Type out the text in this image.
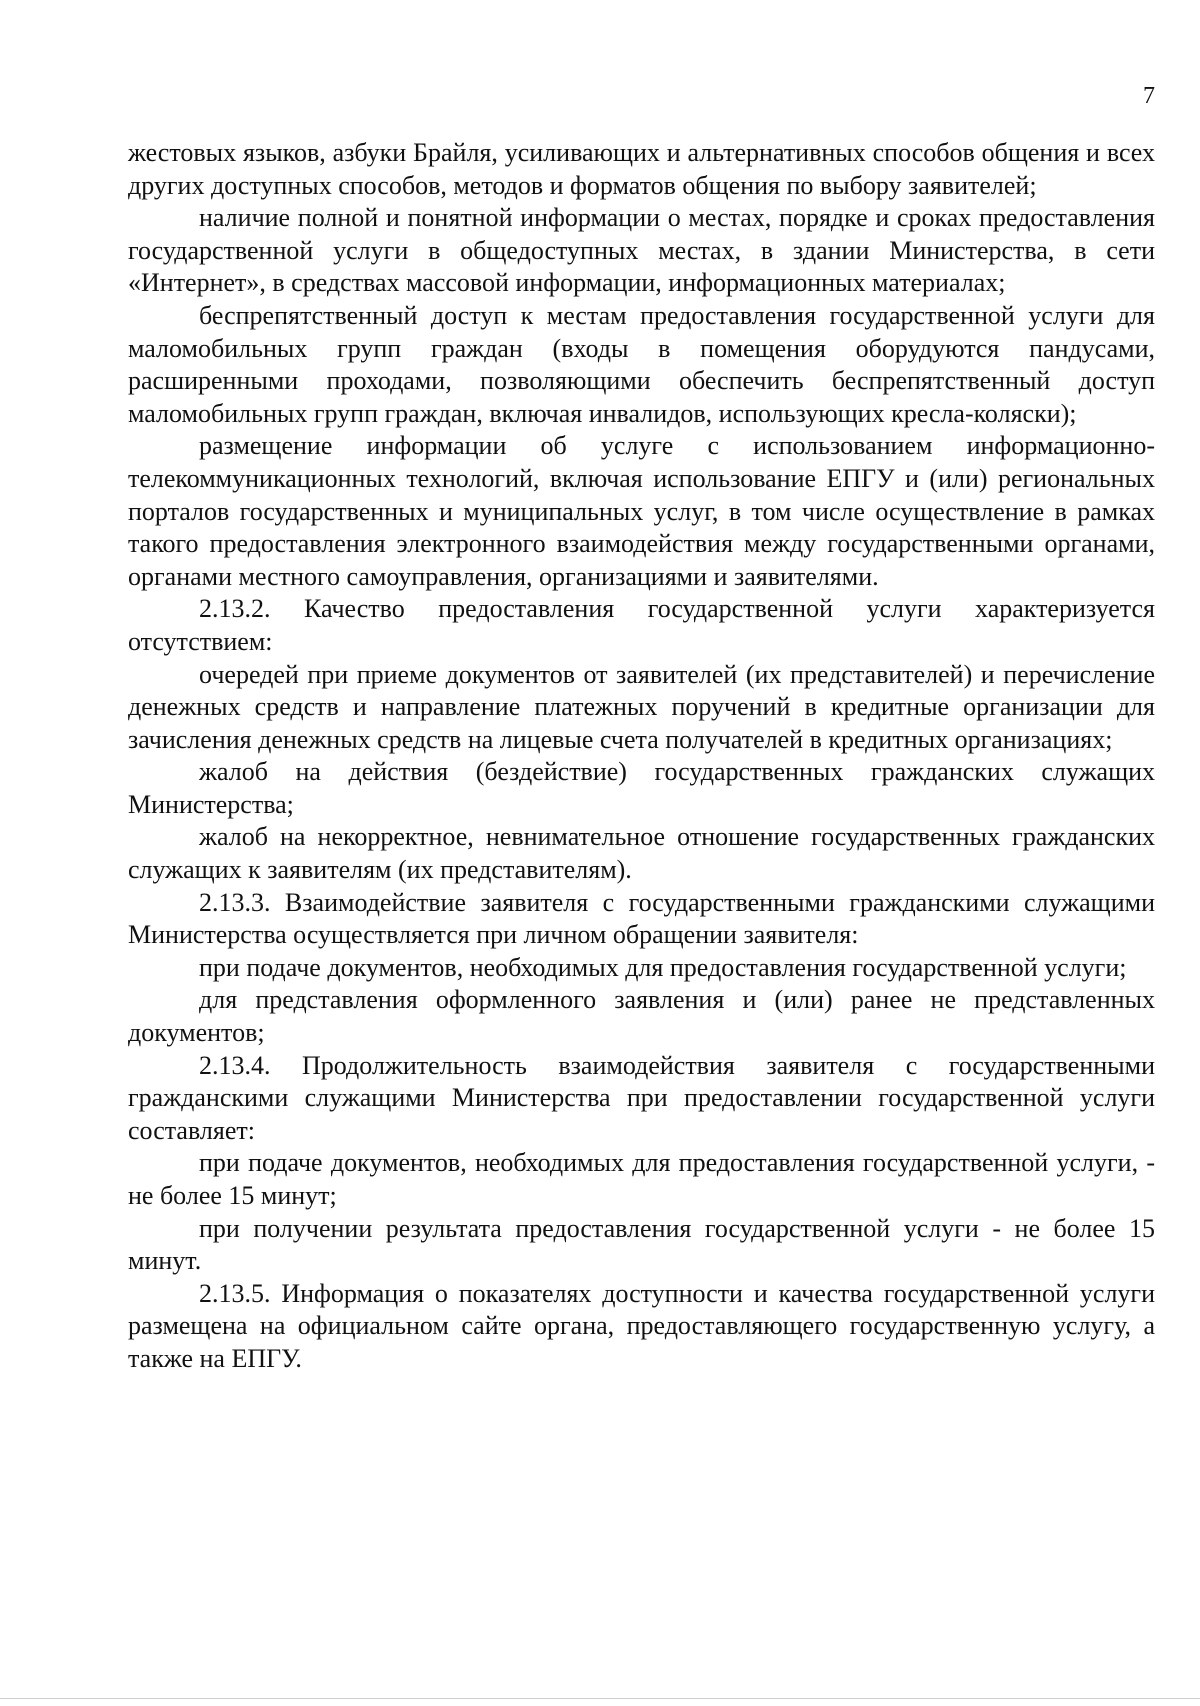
7

жестовых языков, азбуки Брайля, усиливающих и альтернативных способов общения и всех других доступных способов, методов и форматов общения по выбору заявителей;

наличие полной и понятной информации о местах, порядке и сроках предоставления государственной услуги в общедоступных местах, в здании Министерства, в сети «Интернет», в средствах массовой информации, информационных материалах;

беспрепятственный доступ к местам предоставления государственной услуги для маломобильных групп граждан (входы в помещения оборудуются пандусами, расширенными проходами, позволяющими обеспечить беспрепятственный доступ маломобильных групп граждан, включая инвалидов, использующих кресла-коляски);

размещение информации об услуге с использованием информационно-телекоммуникационных технологий, включая использование ЕПГУ и (или) региональных порталов государственных и муниципальных услуг, в том числе осуществление в рамках такого предоставления электронного взаимодействия между государственными органами, органами местного самоуправления, организациями и заявителями.

2.13.2. Качество предоставления государственной услуги характеризуется отсутствием:

очередей при приеме документов от заявителей (их представителей) и перечисление денежных средств и направление платежных поручений в кредитные организации для зачисления денежных средств на лицевые счета получателей в кредитных организациях;

жалоб на действия (бездействие) государственных гражданских служащих Министерства;

жалоб на некорректное, невнимательное отношение государственных гражданских служащих к заявителям (их представителям).

2.13.3. Взаимодействие заявителя с государственными гражданскими служащими Министерства осуществляется при личном обращении заявителя:

при подаче документов, необходимых для предоставления государственной услуги;

для представления оформленного заявления и (или) ранее не представленных документов;

2.13.4. Продолжительность взаимодействия заявителя с государственными гражданскими служащими Министерства при предоставлении государственной услуги составляет:

при подаче документов, необходимых для предоставления государственной услуги, - не более 15 минут;

при получении результата предоставления государственной услуги - не более 15 минут.

2.13.5. Информация о показателях доступности и качества государственной услуги размещена на официальном сайте органа, предоставляющего государственную услугу, а также на ЕПГУ.
